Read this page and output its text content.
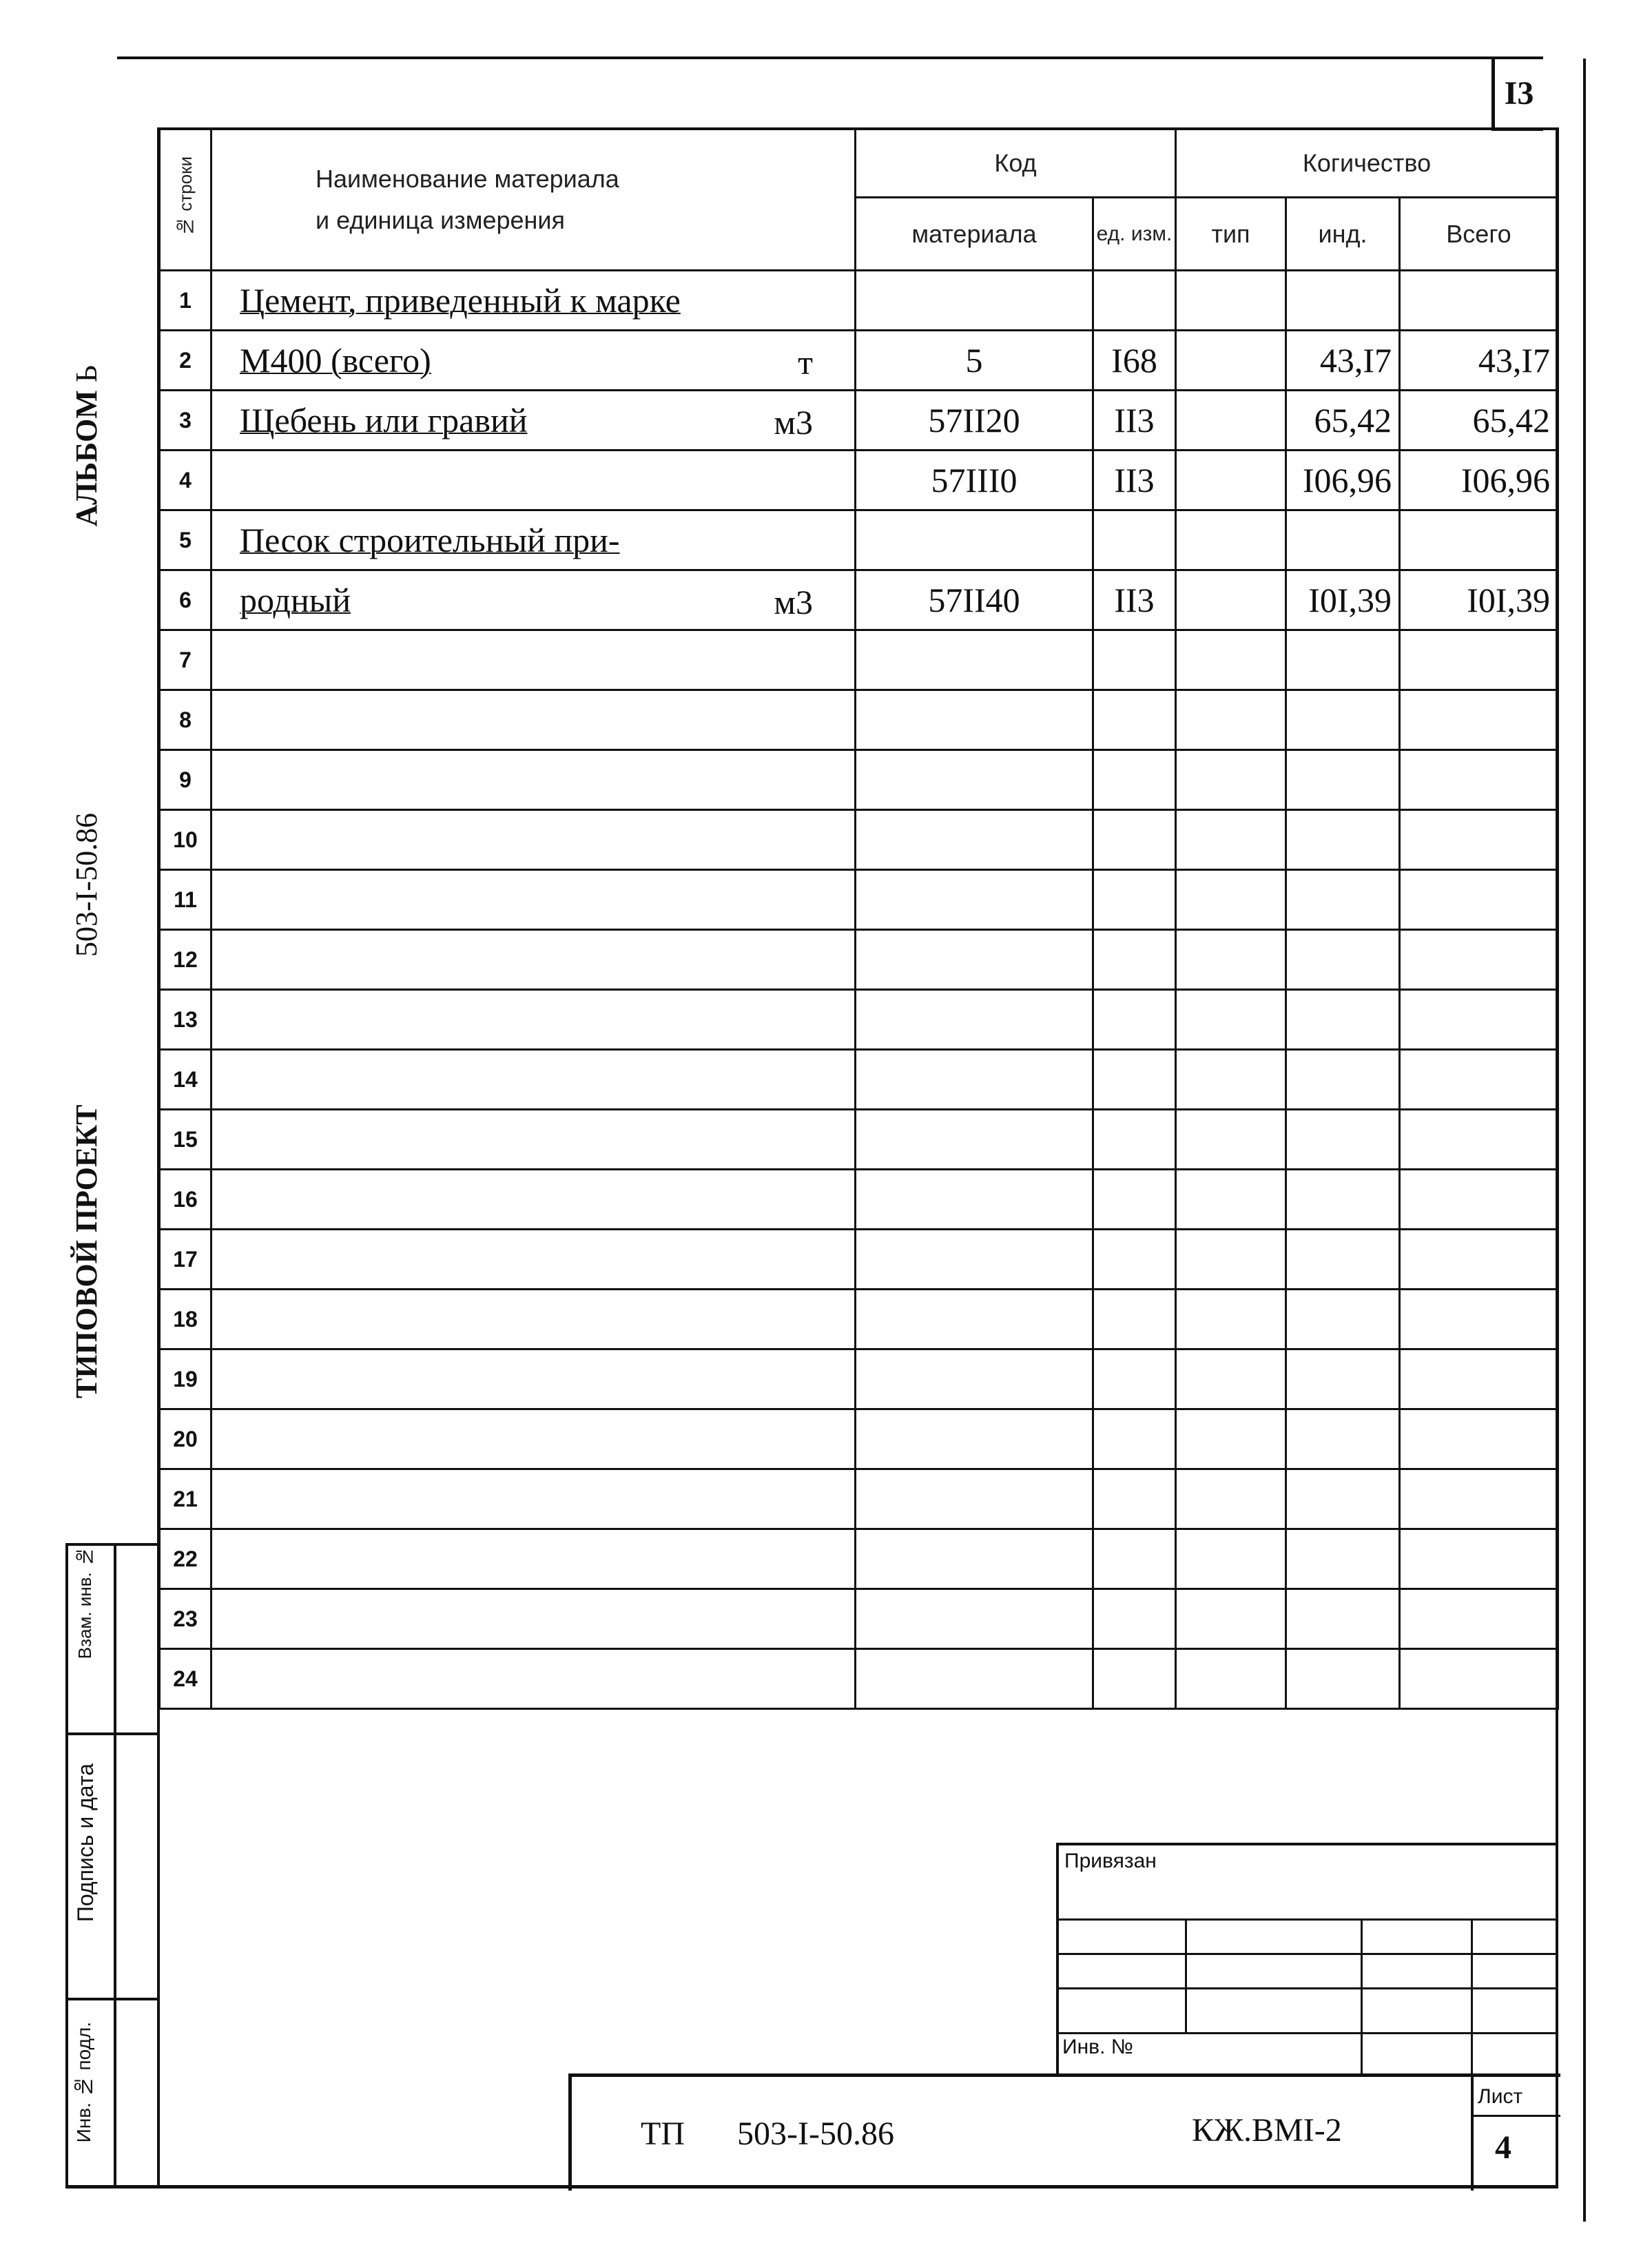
I3
№ строки	Наименование материала
и единица измерения	Код		Когичество		
		материала	ед. изм.	тип	инд.	Всего
1	Цемент, приведенный к марке

2	М400 (всего) т	5	I68		43,I7	43,I7
3	Щебень или гравий м3	57II20	II3		65,42	65,42
4		57III0	II3		I06,96	I06,96
5	Песок строительный при-

6	родный м3	57II40	II3		I0I,39	I0I,39
7	

8	

9	

10	

11	

12	

13	

14	

15	

16	

17	

18	

19	

20	

21	

22	

23	

24	

АЛЬБОМ Ь
ТИПОВОЙ ПРОЕКТ
503-I-50.86
Взам. инв. №
Подпись и дата
Инв. № подл.
Привязан
Инв. №
Лист
4
ТП 503-I-50.86	КЖ.ВМI-2
